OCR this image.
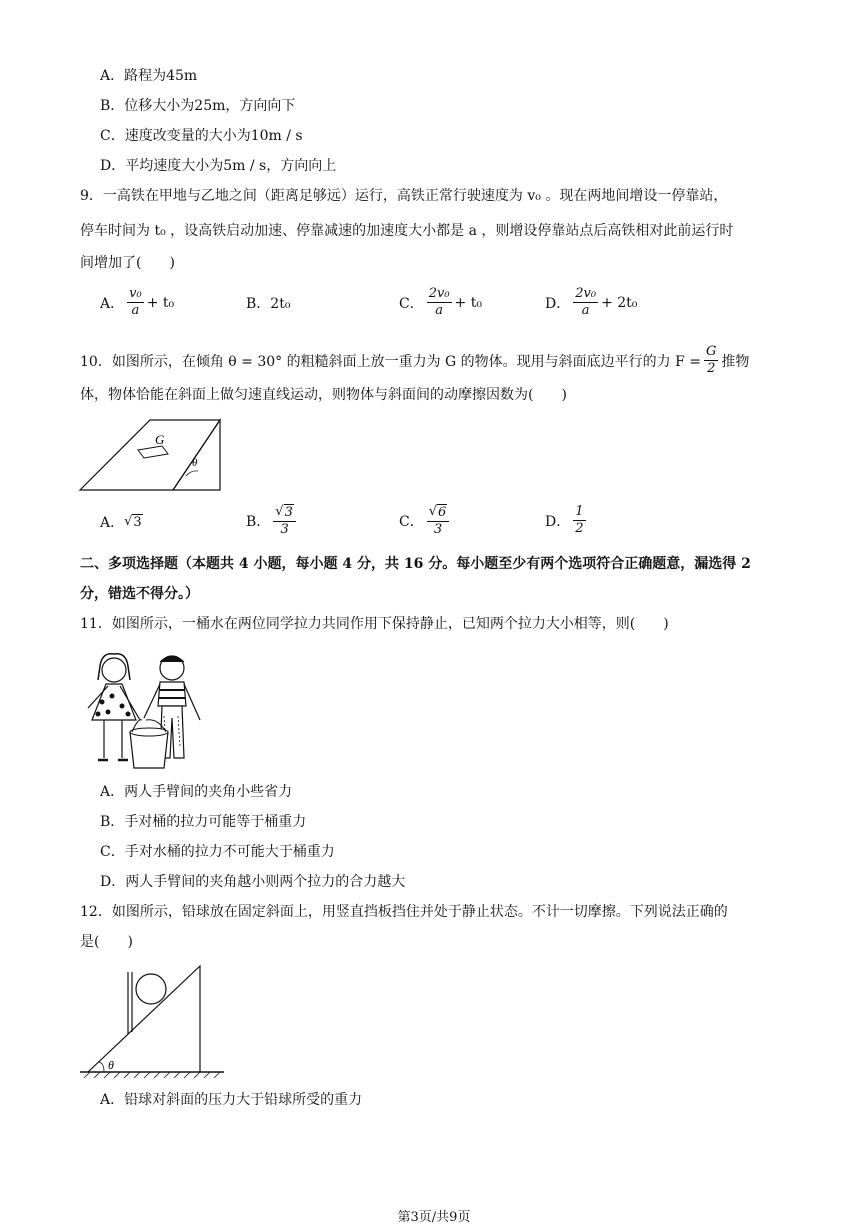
A．路程为45m
B．位移大小为25m，方向向下
C．速度改变量的大小为10m / s
D．平均速度大小为5m / s，方向向上
9．一高铁在甲地与乙地之间（距离足够远）运行，高铁正常行驶速度为 v₀ 。现在两地间增设一停靠站，
停车时间为 t₀ ，设高铁启动加速、停靠减速的加速度大小都是 a ，则增设停靠站点后高铁相对此前运行时
间增加了(　　)
A． $\frac{\text{v₀}}{a} + t_0$	B．2t₀	C． $\frac{\text{2v₀}}{a} + t_0$	D． $\frac{\text{2v₀}}{a} + 2t_0$
10．如图所示，在倾角 θ = 30° 的粗糙斜面上放一重力为 G 的物体。现用与斜面底边平行的力 $F = \frac{G}{2}$ 推物
体，物体恰能在斜面上做匀速直线运动，则物体与斜面间的动摩擦因数为(　　)
G
θ
A． √ 3	B． $\frac{√ 3}{3}$	C． $\frac{√ 6}{3}$	D． $\frac{1}{2}$
二、多项选择题（本题共 4 小题，每小题 4 分，共 16 分。每小题至少有两个选项符合正确题意，漏选得 2
分，错选不得分。）
11．如图所示，一桶水在两位同学拉力共同作用下保持静止，已知两个拉力大小相等，则(　　)
A．两人手臂间的夹角小些省力
B．手对桶的拉力可能等于桶重力
C．手对水桶的拉力不可能大于桶重力
D．两人手臂间的夹角越小则两个拉力的合力越大
12．如图所示，铅球放在固定斜面上，用竖直挡板挡住并处于静止状态。不计一切摩擦。下列说法正确的
是(　　)
θ
A．铅球对斜面的压力大于铅球所受的重力
第3页/共9页
